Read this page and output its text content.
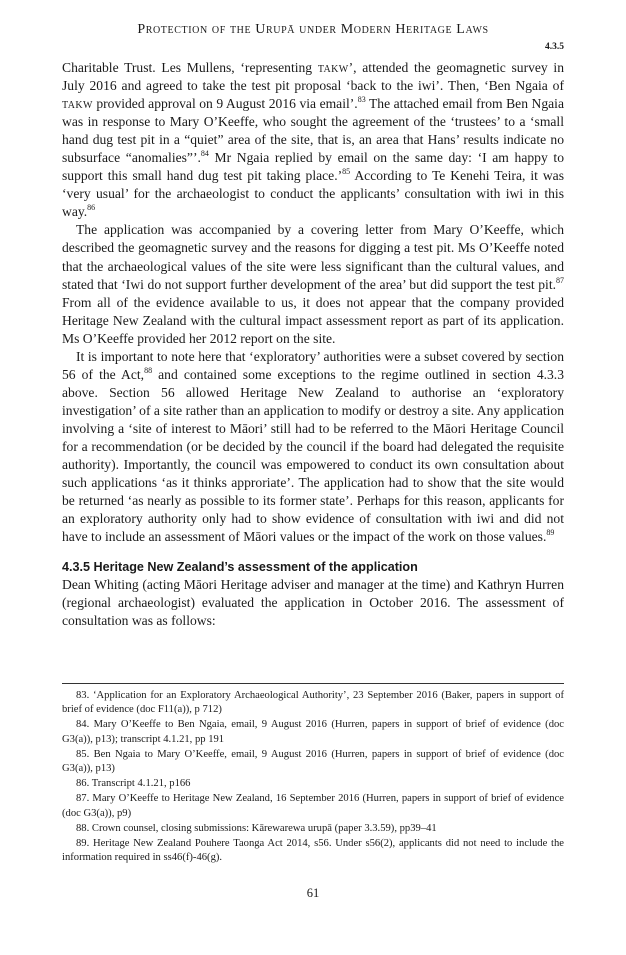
Protection of the Urupā under Modern Heritage Laws
4.3.5

Charitable Trust. Les Mullens, ‘representing takw’, attended the geomagnetic survey in July 2016 and agreed to take the test pit proposal ‘back to the iwi’. Then, ‘Ben Ngaia of takw provided approval on 9 August 2016 via email’.$^{83}$ The attached email from Ben Ngaia was in response to Mary O’Keeffe, who sought the agreement of the ‘trustees’ to a ‘small hand dug test pit in a “quiet” area of the site, that is, an area that Hans’ results indicate no subsurface “anomalies”’.$^{84}$ Mr Ngaia replied by email on the same day: ‘I am happy to support this small hand dug test pit taking place.’$^{85}$ According to Te Kenehi Teira, it was ‘very usual’ for the archaeologist to conduct the applicants’ consultation with iwi in this way.$^{86}$

The application was accompanied by a covering letter from Mary O’Keeffe, which described the geomagnetic survey and the reasons for digging a test pit. Ms O’Keeffe noted that the archaeological values of the site were less significant than the cultural values, and stated that ‘Iwi do not support further development of the area’ but did support the test pit.$^{87}$ From all of the evidence available to us, it does not appear that the company provided Heritage New Zealand with the cultural impact assessment report as part of its application. Ms O’Keeffe provided her 2012 report on the site.

It is important to note here that ‘exploratory’ authorities were a subset covered by section 56 of the Act,$^{88}$ and contained some exceptions to the regime outlined in section 4.3.3 above. Section 56 allowed Heritage New Zealand to authorise an ‘exploratory investigation’ of a site rather than an application to modify or destroy a site. Any application involving a ‘site of interest to Māori’ still had to be referred to the Māori Heritage Council for a recommendation (or be decided by the council if the board had delegated the requisite authority). Importantly, the council was empowered to conduct its own consultation about such applications ‘as it thinks approriate’. The application had to show that the site would be returned ‘as nearly as possible to its former state’. Perhaps for this reason, applicants for an exploratory authority only had to show evidence of consultation with iwi and did not have to include an assessment of Māori values or the impact of the work on those values.$^{89}$

4.3.5 Heritage New Zealand’s assessment of the application

Dean Whiting (acting Māori Heritage adviser and manager at the time) and Kathryn Hurren (regional archaeologist) evaluated the application in October 2016. The assessment of consultation was as follows:

83. ‘Application for an Exploratory Archaeological Authority’, 23 September 2016 (Baker, papers in support of brief of evidence (doc F11(a)), p 712)

84. Mary O’Keeffe to Ben Ngaia, email, 9 August 2016 (Hurren, papers in support of brief of evidence (doc G3(a)), p13); transcript 4.1.21, pp 191

85. Ben Ngaia to Mary O’Keeffe, email, 9 August 2016 (Hurren, papers in support of brief of evidence (doc G3(a)), p13)

86. Transcript 4.1.21, p166

87. Mary O’Keeffe to Heritage New Zealand, 16 September 2016 (Hurren, papers in support of brief of evidence (doc G3(a)), p9)

88. Crown counsel, closing submissions: Kārewarewa urupā (paper 3.3.59), pp39–41

89. Heritage New Zealand Pouhere Taonga Act 2014, s56. Under s56(2), applicants did not need to include the information required in ss46(f)-46(g).

61
